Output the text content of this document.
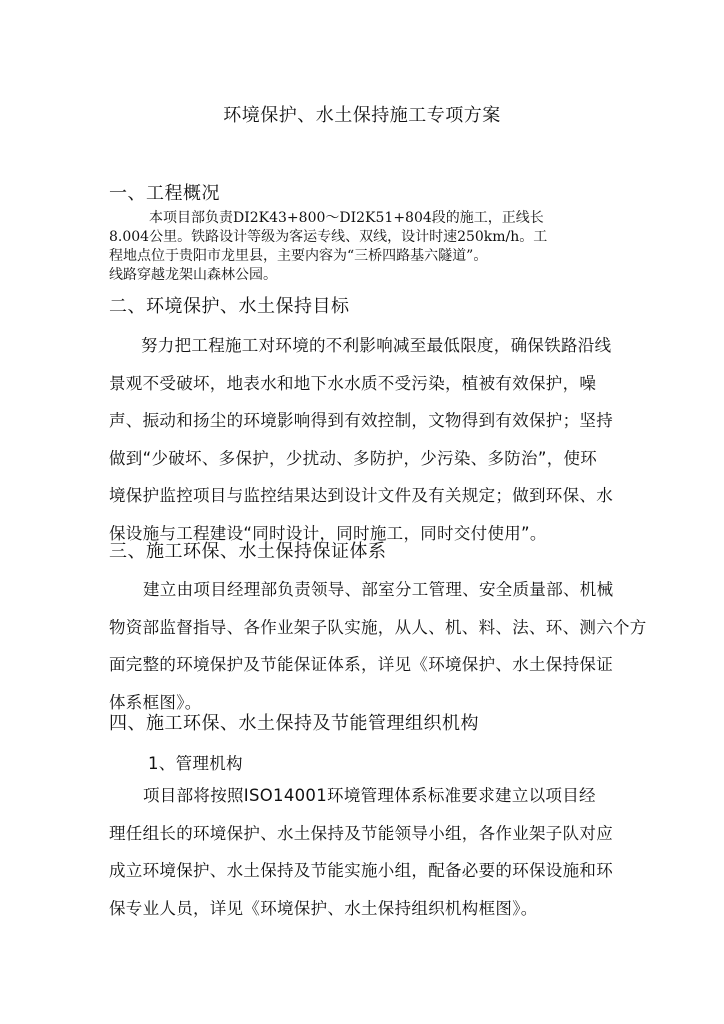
环境保护、水土保持施工专项方案
一、工程概况
本项目部负责DI2K43+800～DI2K51+804段的施工，正线长
8.004公里。铁路设计等级为客运专线、双线，设计时速250km/h。工
程地点位于贵阳市龙里县，主要内容为“三桥四路基六隧道”。
线路穿越龙架山森林公园。
二、环境保护、水土保持目标
努力把工程施工对环境的不利影响减至最低限度，确保铁路沿线
景观不受破坏，地表水和地下水水质不受污染，植被有效保护，噪
声、振动和扬尘的环境影响得到有效控制，文物得到有效保护；坚持
做到“少破坏、多保护，少扰动、多防护，少污染、多防治”，使环
境保护监控项目与监控结果达到设计文件及有关规定；做到环保、水
保设施与工程建设“同时设计，同时施工，同时交付使用”。
三、施工环保、水土保持保证体系
建立由项目经理部负责领导、部室分工管理、安全质量部、机械
物资部监督指导、各作业架子队实施，从人、机、料、法、环、测六个方
面完整的环境保护及节能保证体系，详见《环境保护、水土保持保证
体系框图》。
四、施工环保、水土保持及节能管理组织机构
1、管理机构
项目部将按照ISO14001环境管理体系标准要求建立以项目经
理任组长的环境保护、水土保持及节能领导小组，各作业架子队对应
成立环境保护、水土保持及节能实施小组，配备必要的环保设施和环
保专业人员，详见《环境保护、水土保持组织机构框图》。
